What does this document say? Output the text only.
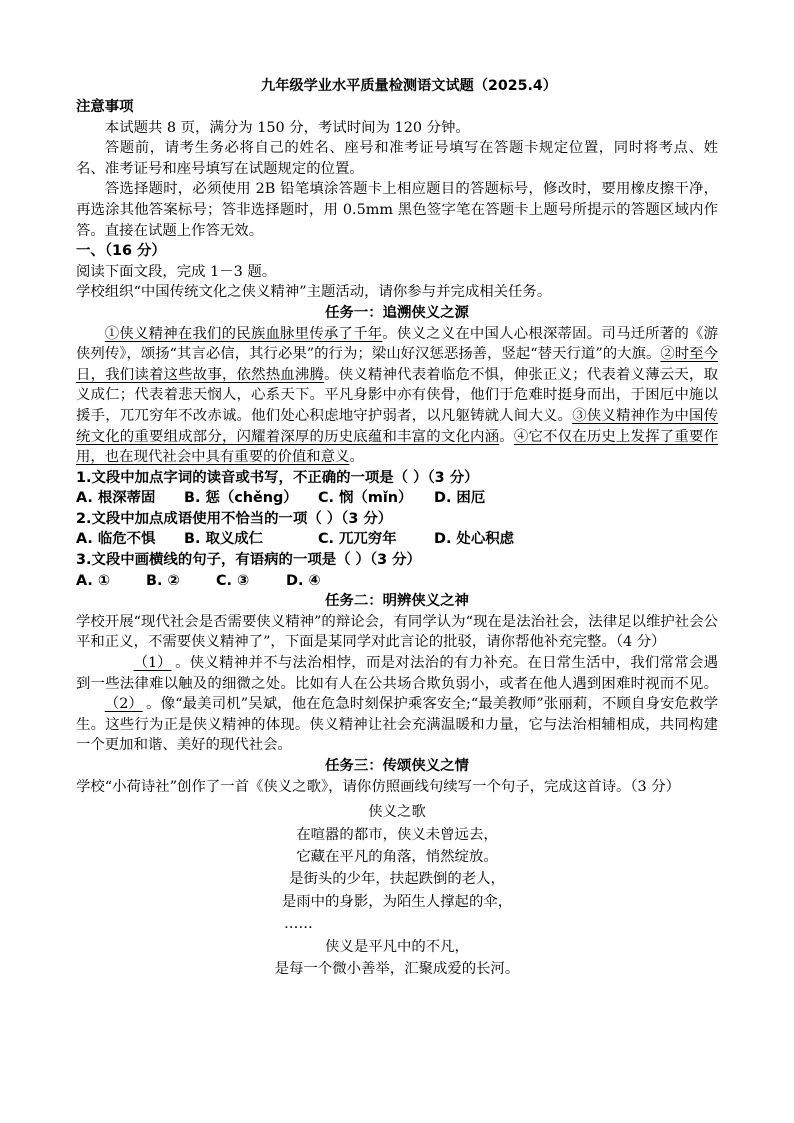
九年级学业水平质量检测语文试题（2025.4）
注意事项

本试题共 8 页，满分为 150 分，考试时间为 120 分钟。

答题前，请考生务必将自己的姓名、座号和准考证号填写在答题卡规定位置，同时将考点、姓名、准考证号和座号填写在试题规定的位置。

答选择题时，必须使用 2B 铅笔填涂答题卡上相应题目的答题标号，修改时，要用橡皮擦干净，再选涂其他答案标号；答非选择题时，用 0.5mm 黑色签字笔在答题卡上题号所提示的答题区域内作答。直接在试题上作答无效。

一、（16 分）

阅读下面文段，完成 1－3 题。

学校组织“中国传统文化之侠义精神”主题活动，请你参与并完成相关任务。

任务一：追溯侠义之源

①侠义精神在我们的民族血脉里传承了千年。侠义之义在中国人心根深蒂固。司马迁所著的《游侠列传》，颂扬“其言必信，其行必果”的行为；梁山好汉惩恶扬善，竖起“替天行道”的大旗。②时至今日，我们读着这些故事，依然热血沸腾。侠义精神代表着临危不惧，伸张正义；代表着义薄云天，取义成仁；代表着悲天悯人，心系天下。平凡身影中亦有侠骨，他们于危难时挺身而出，于困厄中施以援手，兀兀穷年不改赤诚。他们处心积虑地守护弱者，以凡躯铸就人间大义。③侠义精神作为中国传统文化的重要组成部分，闪耀着深厚的历史底蕴和丰富的文化内涵。④它不仅在历史上发挥了重要作用，也在现代社会中具有重要的价值和意义。

1.文段中加点字词的读音或书写，不正确的一项是（ ）（3 分）
A. 根深蒂固	B. 惩（chěng）	C. 悯（mǐn）	D. 困厄
2.文段中加点成语使用不恰当的一项（ ）（3 分）
A. 临危不惧	B. 取义成仁	C. 兀兀穷年	D. 处心积虑
3.文段中画横线的句子，有语病的一项是（ ）（3 分）
A. ①	B. ②	C. ③	D. ④
任务二：明辨侠义之神

学校开展“现代社会是否需要侠义精神”的辩论会，有同学认为“现在是法治社会，法律足以维护社会公平和正义，不需要侠义精神了”，下面是某同学对此言论的批驳，请你帮他补充完整。（4 分）

（1） 。侠义精神并不与法治相悖，而是对法治的有力补充。在日常生活中，我们常常会遇到一些法律难以触及的细微之处。比如有人在公共场合欺负弱小，或者在他人遇到困难时视而不见。（2） 。像“最美司机”吴斌，他在危急时刻保护乘客安全;“最美教师”张丽莉，不顾自身安危救学生。这些行为正是侠义精神的体现。侠义精神让社会充满温暖和力量，它与法治相辅相成，共同构建一个更加和谐、美好的现代社会。

任务三：传颂侠义之情

学校“小荷诗社”创作了一首《侠义之歌》，请你仿照画线句续写一个句子，完成这首诗。（3 分）

侠义之歌
在喧嚣的都市，侠义未曾远去，
它藏在平凡的角落，悄然绽放。
是街头的少年，扶起跌倒的老人，
是雨中的身影，为陌生人撑起的伞，
……
侠义是平凡中的不凡，
是每一个微小善举，汇聚成爱的长河。
